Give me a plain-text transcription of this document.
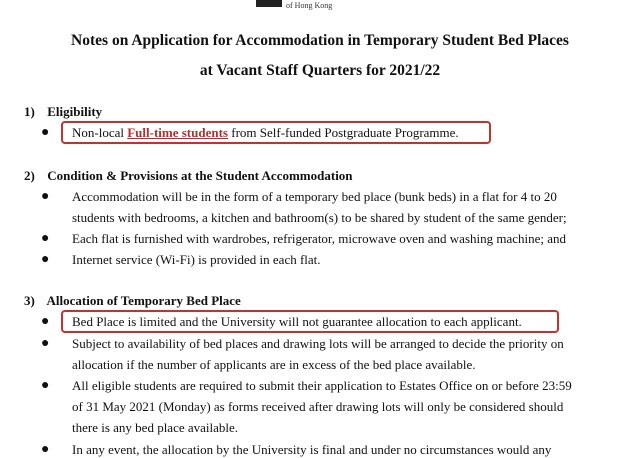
of Hong Kong
Notes on Application for Accommodation in Temporary Student Bed Places
at Vacant Staff Quarters for 2021/22
1) Eligibility
● Non-local Full-time students from Self-funded Postgraduate Programme.
2) Condition & Provisions at the Student Accommodation
● Accommodation will be in the form of a temporary bed place (bunk beds) in a flat for 4 to 20
students with bedrooms, a kitchen and bathroom(s) to be shared by student of the same gender;
● Each flat is furnished with wardrobes, refrigerator, microwave oven and washing machine; and
● Internet service (Wi-Fi) is provided in each flat.
3) Allocation of Temporary Bed Place
● Bed Place is limited and the University will not guarantee allocation to each applicant.
● Subject to availability of bed places and drawing lots will be arranged to decide the priority on
allocation if the number of applicants are in excess of the bed place available.
● All eligible students are required to submit their application to Estates Office on or before 23:59
of 31 May 2021 (Monday) as forms received after drawing lots will only be considered should
there is any bed place available.
● In any event, the allocation by the University is final and under no circumstances would any
